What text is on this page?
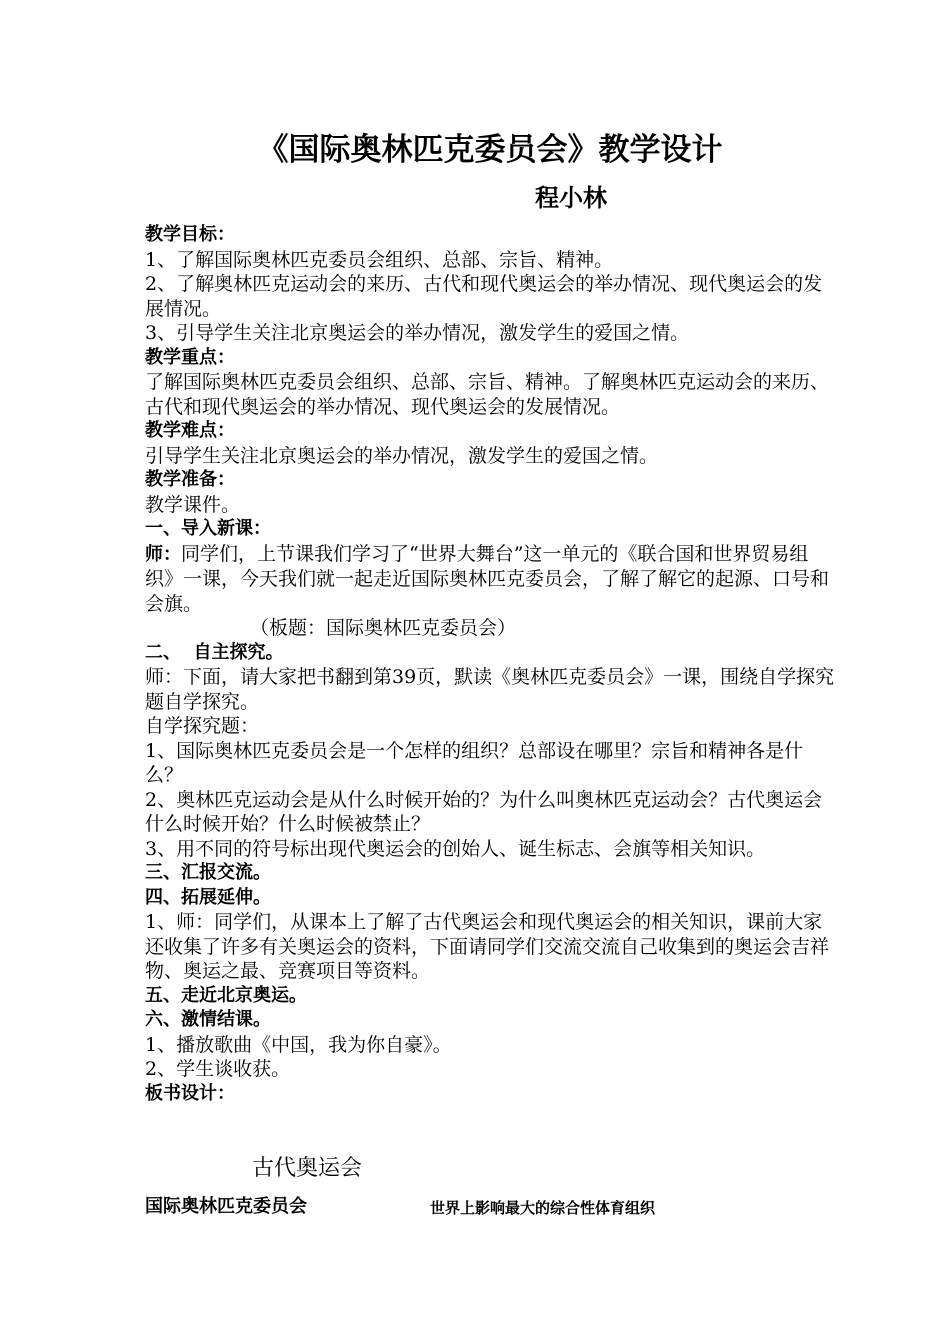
《国际奥林匹克委员会》教学设计
程小林

教学目标：

1、了解国际奥林匹克委员会组织、总部、宗旨、精神。

2、了解奥林匹克运动会的来历、古代和现代奥运会的举办情况、现代奥运会的发展情况。

3、引导学生关注北京奥运会的举办情况，激发学生的爱国之情。

教学重点：

了解国际奥林匹克委员会组织、总部、宗旨、精神。了解奥林匹克运动会的来历、古代和现代奥运会的举办情况、现代奥运会的发展情况。

教学难点：

引导学生关注北京奥运会的举办情况，激发学生的爱国之情。

教学准备：

教学课件。

一、导入新课：

师：同学们，上节课我们学习了“世界大舞台”这一单元的《联合国和世界贸易组织》一课，今天我们就一起走近国际奥林匹克委员会，了解了解它的起源、口号和会旗。

（板题：国际奥林匹克委员会）

二、  自主探究。

师：下面，请大家把书翻到第39页，默读《奥林匹克委员会》一课，围绕自学探究题自学探究。

自学探究题：

1、国际奥林匹克委员会是一个怎样的组织？总部设在哪里？宗旨和精神各是什么？

2、奥林匹克运动会是从什么时候开始的？为什么叫奥林匹克运动会？古代奥运会什么时候开始？什么时候被禁止？

3、用不同的符号标出现代奥运会的创始人、诞生标志、会旗等相关知识。

三、汇报交流。

四、拓展延伸。

1、师：同学们，从课本上了解了古代奥运会和现代奥运会的相关知识，课前大家还收集了许多有关奥运会的资料，下面请同学们交流交流自己收集到的奥运会吉祥物、奥运之最、竞赛项目等资料。

五、走近北京奥运。

六、激情结课。

1、播放歌曲《中国，我为你自豪》。

2、学生谈收获。

板书设计：

古代奥运会
国际奥林匹克委员会	世界上影响最大的综合性体育组织
